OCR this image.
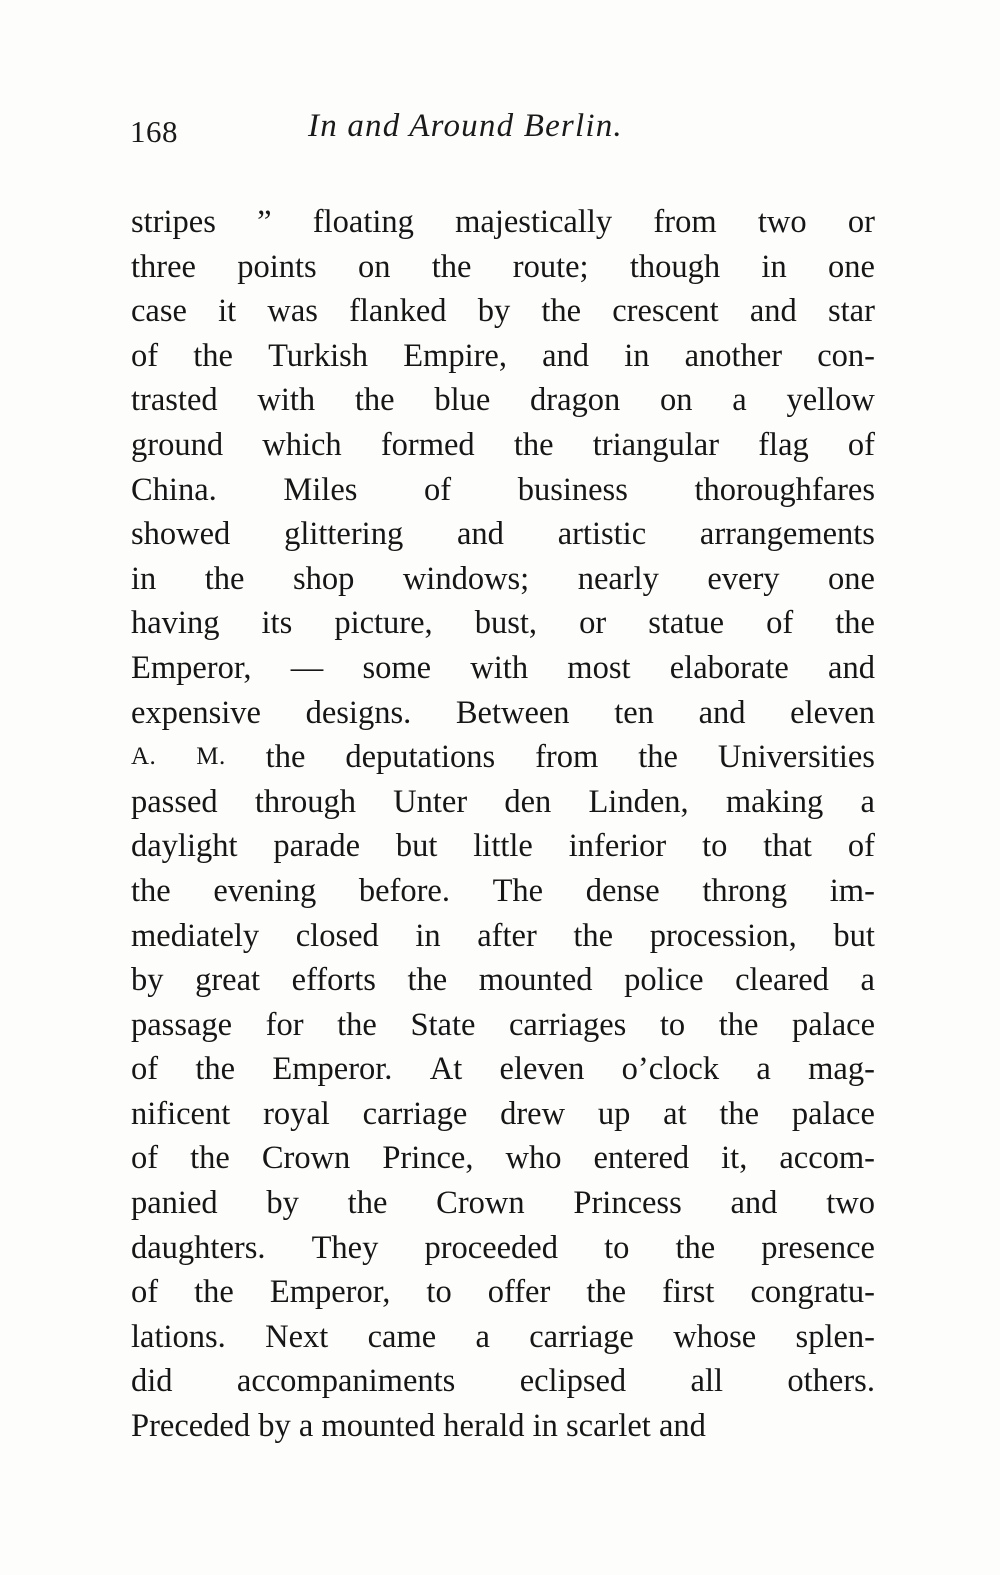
168	In and Around Berlin.
stripes ” floating majestically from two or
three points on the route; though in one
case it was flanked by the crescent and star
of the Turkish Empire, and in another con-
trasted with the blue dragon on a yellow
ground which formed the triangular flag of
China. Miles of business thoroughfares
showed glittering and artistic arrangements
in the shop windows; nearly every one
having its picture, bust, or statue of the
Emperor, — some with most elaborate and
expensive designs. Between ten and eleven
A. M. the deputations from the Universities
passed through Unter den Linden, making a
daylight parade but little inferior to that of
the evening before. The dense throng im-
mediately closed in after the procession, but
by great efforts the mounted police cleared a
passage for the State carriages to the palace
of the Emperor. At eleven o’clock a mag-
nificent royal carriage drew up at the palace
of the Crown Prince, who entered it, accom-
panied by the Crown Princess and two
daughters. They proceeded to the presence
of the Emperor, to offer the first congratu-
lations. Next came a carriage whose splen-
did accompaniments eclipsed all others.
Preceded
by
a
mounted
herald
in
scarlet
and
